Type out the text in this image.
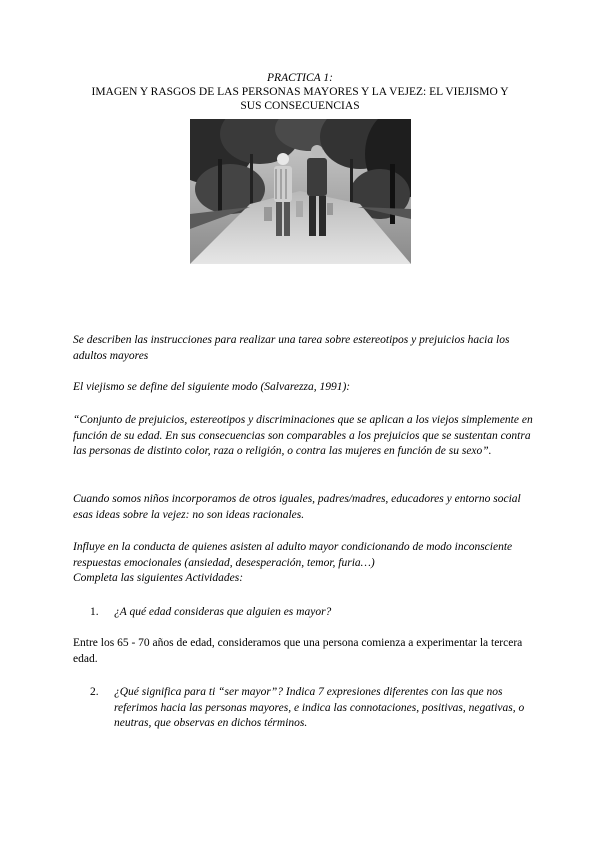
PRACTICA 1:
IMAGEN Y RASGOS DE LAS PERSONAS MAYORES Y LA VEJEZ: EL VIEJISMO Y SUS CONSECUENCIAS
Se describen las instrucciones para realizar una tarea sobre estereotipos y prejuicios hacia los adultos mayores
El viejismo se define del siguiente modo (Salvarezza, 1991):
“Conjunto de prejuicios, estereotipos y discriminaciones que se aplican a los viejos simplemente en función de su edad. En sus consecuencias son comparables a los prejuicios que se sustentan contra las personas de distinto color, raza o religión, o contra las mujeres en función de su sexo”.
Cuando somos niños incorporamos de otros iguales, padres/madres, educadores y entorno social esas ideas sobre la vejez: no son ideas racionales.
Influye en la conducta de quienes asisten al adulto mayor condicionando de modo inconsciente respuestas emocionales (ansiedad, desesperación, temor, furia…)
Completa las siguientes Actividades:
1. ¿A qué edad consideras que alguien es mayor?
Entre los 65 - 70 años de edad, consideramos que una persona comienza a experimentar la tercera edad.
2. ¿Qué significa para ti “ser mayor”? Indica 7 expresiones diferentes con las que nos referimos hacia las personas mayores, e indica las connotaciones, positivas, negativas, o neutras, que observas en dichos términos.
